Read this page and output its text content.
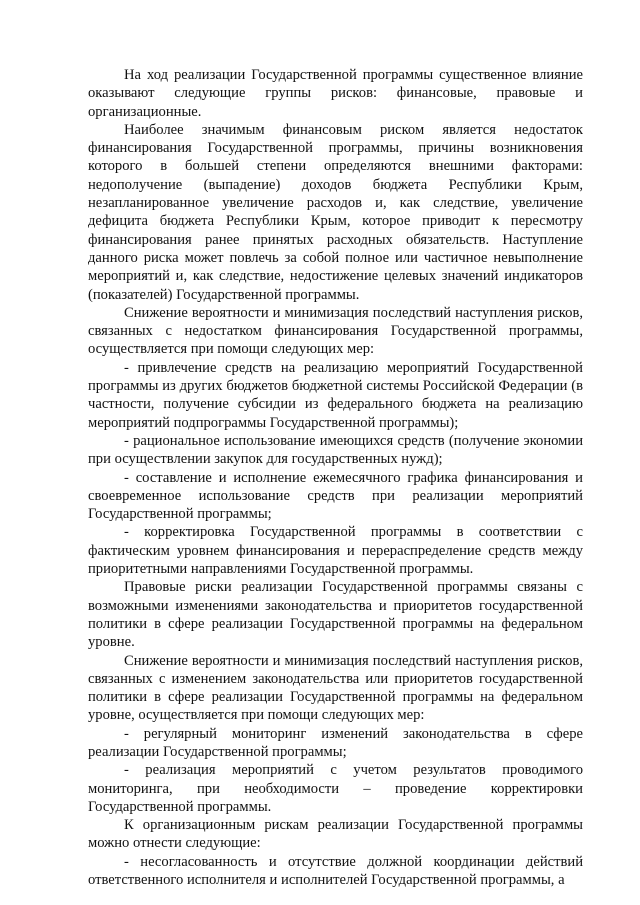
На ход реализации Государственной программы существенное влияние оказывают следующие группы рисков: финансовые, правовые и организационные.

Наиболее значимым финансовым риском является недостаток финансирования Государственной программы, причины возникновения которого в большей степени определяются внешними факторами: недополучение (выпадение) доходов бюджета Республики Крым, незапланированное увеличение расходов и, как следствие, увеличение дефицита бюджета Республики Крым, которое приводит к пересмотру финансирования ранее принятых расходных обязательств. Наступление данного риска может повлечь за собой полное или частичное невыполнение мероприятий и, как следствие, недостижение целевых значений индикаторов (показателей) Государственной программы.

Снижение вероятности и минимизация последствий наступления рисков, связанных с недостатком финансирования Государственной программы, осуществляется при помощи следующих мер:

- привлечение средств на реализацию мероприятий Государственной программы из других бюджетов бюджетной системы Российской Федерации (в частности, получение субсидии из федерального бюджета на реализацию мероприятий подпрограммы Государственной программы);

- рациональное использование имеющихся средств (получение экономии при осуществлении закупок для государственных нужд);

- составление и исполнение ежемесячного графика финансирования и своевременное использование средств при реализации мероприятий Государственной программы;

- корректировка Государственной программы в соответствии с фактическим уровнем финансирования и перераспределение средств между приоритетными направлениями Государственной программы.

Правовые риски реализации Государственной программы связаны с возможными изменениями законодательства и приоритетов государственной политики в сфере реализации Государственной программы на федеральном уровне.

Снижение вероятности и минимизация последствий наступления рисков, связанных с изменением законодательства или приоритетов государственной политики в сфере реализации Государственной программы на федеральном уровне, осуществляется при помощи следующих мер:

- регулярный мониторинг изменений законодательства в сфере реализации Государственной программы;

- реализация мероприятий с учетом результатов проводимого мониторинга, при необходимости – проведение корректировки Государственной программы.

К организационным рискам реализации Государственной программы можно отнести следующие:

- несогласованность и отсутствие должной координации действий ответственного исполнителя и исполнителей Государственной программы, а
